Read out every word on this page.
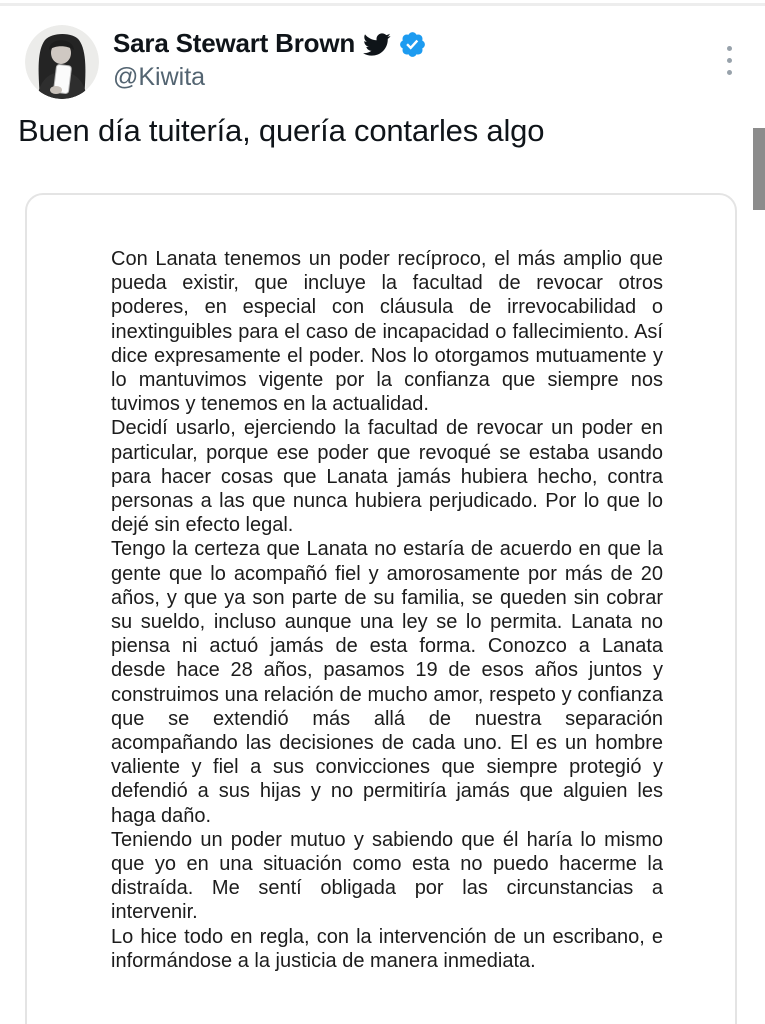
Sara Stewart Brown
@Kiwita
Buen día tuitería, quería contarles algo

Con Lanata tenemos un poder recíproco, el más amplio que pueda existir, que incluye la facultad de revocar otros poderes, en especial con cláusula de irrevocabilidad o inextinguibles para el caso de incapacidad o fallecimiento. Así dice expresamente el poder. Nos lo otorgamos mutuamente y lo mantuvimos vigente por la confianza que siempre nos tuvimos y tenemos en la actualidad.

Decidí usarlo, ejerciendo la facultad de revocar un poder en particular, porque ese poder que revoqué se estaba usando para hacer cosas que Lanata jamás hubiera hecho, contra personas a las que nunca hubiera perjudicado. Por lo que lo dejé sin efecto legal.

Tengo la certeza que Lanata no estaría de acuerdo en que la gente que lo acompañó fiel y amorosamente por más de 20 años, y que ya son parte de su familia, se queden sin cobrar su sueldo, incluso aunque una ley se lo permita. Lanata no piensa ni actuó jamás de esta forma. Conozco a Lanata desde hace 28 años, pasamos 19 de esos años juntos y construimos una relación de mucho amor, respeto y confianza que se extendió más allá de nuestra separación acompañando las decisiones de cada uno. El es un hombre valiente y fiel a sus convicciones que siempre protegió y defendió a sus hijas y no permitiría jamás que alguien les haga daño.

Teniendo un poder mutuo y sabiendo que él haría lo mismo que yo en una situación como esta no puedo hacerme la distraída. Me sentí obligada por las circunstancias a intervenir.

Lo hice todo en regla, con la intervención de un escribano, e informándose a la justicia de manera inmediata.
